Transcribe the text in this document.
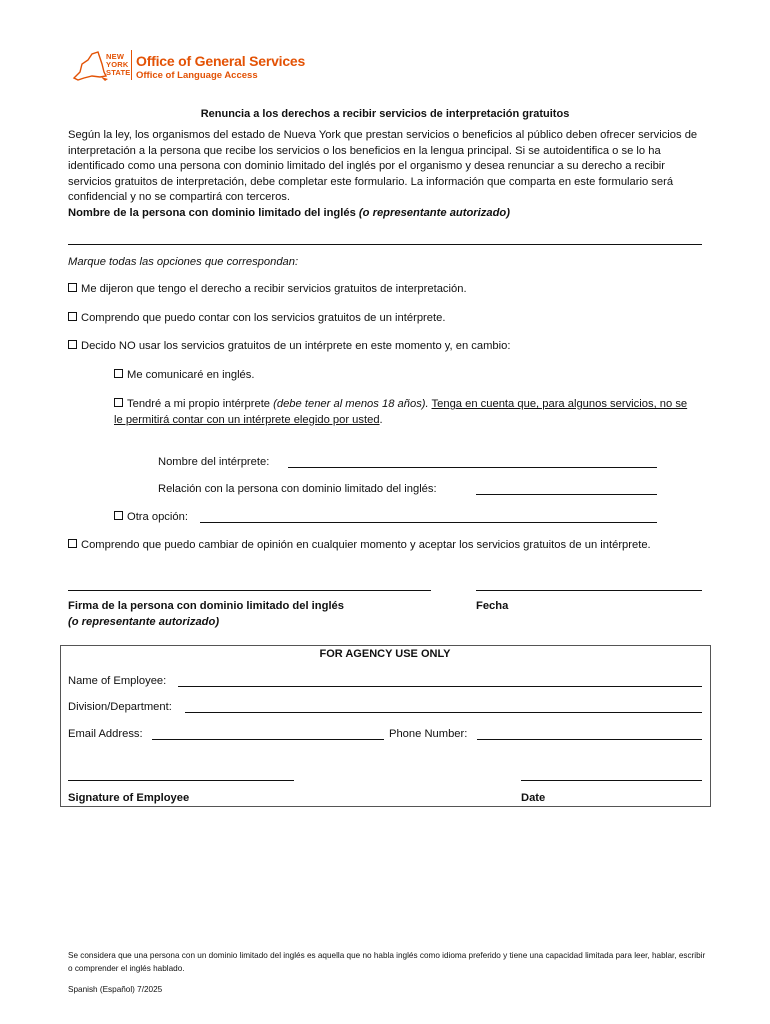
NEW
YORK
STATE
Office of General Services
Office of Language Access
Renuncia a los derechos a recibir servicios de interpretación gratuitos
Según la ley, los organismos del estado de Nueva York que prestan servicios o beneficios al público deben ofrecer servicios de interpretación a la persona que recibe los servicios o los beneficios en la lengua principal. Si se autoidentifica o se lo ha identificado como una persona con dominio limitado del inglés por el organismo y desea renunciar a su derecho a recibir servicios gratuitos de interpretación, debe completar este formulario. La información que comparta en este formulario será confidencial y no se compartirá con terceros.
Nombre de la persona con dominio limitado del inglés (o representante autorizado)
Marque todas las opciones que correspondan:
Me dijeron que tengo el derecho a recibir servicios gratuitos de interpretación.
Comprendo que puedo contar con los servicios gratuitos de un intérprete.
Decido NO usar los servicios gratuitos de un intérprete en este momento y, en cambio:
Me comunicaré en inglés.
Tendré a mi propio intérprete (debe tener al menos 18 años). Tenga en cuenta que, para algunos servicios, no se le permitirá contar con un intérprete elegido por usted.
Nombre del intérprete:
Relación con la persona con dominio limitado del inglés:
Otra opción:
Comprendo que puedo cambiar de opinión en cualquier momento y aceptar los servicios gratuitos de un intérprete.
Firma de la persona con dominio limitado del inglés
(o representante autorizado)
Fecha
FOR AGENCY USE ONLY
Name of Employee:
Division/Department:
Email Address:	Phone Number:
Signature of Employee	Date
Se considera que una persona con un dominio limitado del inglés es aquella que no habla inglés como idioma preferido y tiene una capacidad limitada para leer, hablar, escribir o comprender el inglés hablado.
Spanish (Español) 7/2025
